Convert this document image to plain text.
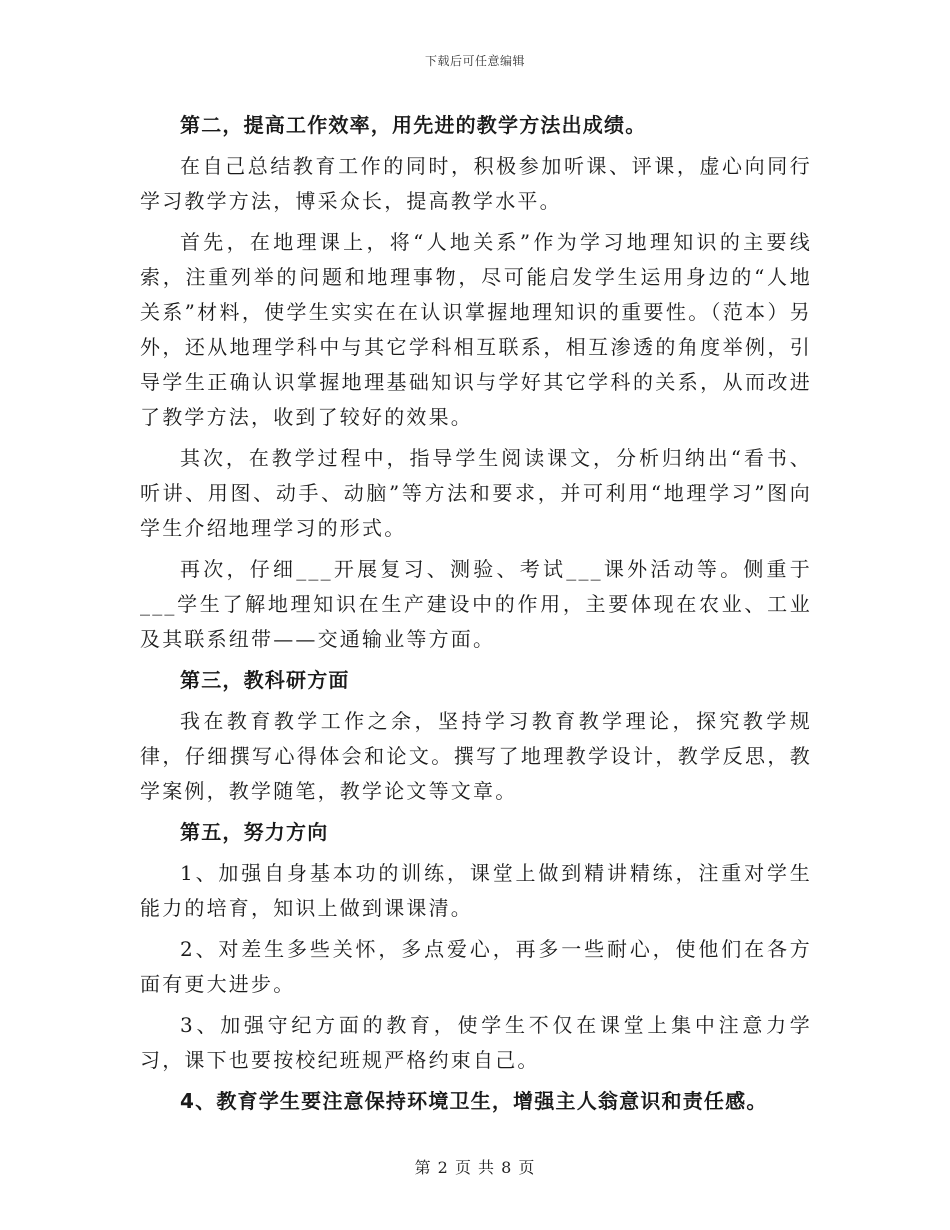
下载后可任意编辑

第二，提高工作效率，用先进的教学方法出成绩。

在自己总结教育工作的同时，积极参加听课、评课，虚心向同行学习教学方法，博采众长，提高教学水平。

首先，在地理课上，将“人地关系”作为学习地理知识的主要线索，注重列举的问题和地理事物，尽可能启发学生运用身边的“人地关系”材料，使学生实实在在认识掌握地理知识的重要性。（范本）另外，还从地理学科中与其它学科相互联系，相互渗透的角度举例，引导学生正确认识掌握地理基础知识与学好其它学科的关系，从而改进了教学方法，收到了较好的效果。

其次，在教学过程中，指导学生阅读课文，分析归纳出“看书、听讲、用图、动手、动脑”等方法和要求，并可利用“地理学习”图向学生介绍地理学习的形式。

再次，仔细___开展复习、测验、考试___课外活动等。侧重于___学生了解地理知识在生产建设中的作用，主要体现在农业、工业及其联系纽带——交通输业等方面。

第三，教科研方面

我在教育教学工作之余，坚持学习教育教学理论，探究教学规律，仔细撰写心得体会和论文。撰写了地理教学设计，教学反思，教学案例，教学随笔，教学论文等文章。

第五，努力方向

1、加强自身基本功的训练，课堂上做到精讲精练，注重对学生能力的培育，知识上做到课课清。

2、对差生多些关怀，多点爱心，再多一些耐心，使他们在各方面有更大进步。

3、加强守纪方面的教育，使学生不仅在课堂上集中注意力学习，课下也要按校纪班规严格约束自己。

4、教育学生要注意保持环境卫生，增强主人翁意识和责任感。

第 2 页 共 8 页
